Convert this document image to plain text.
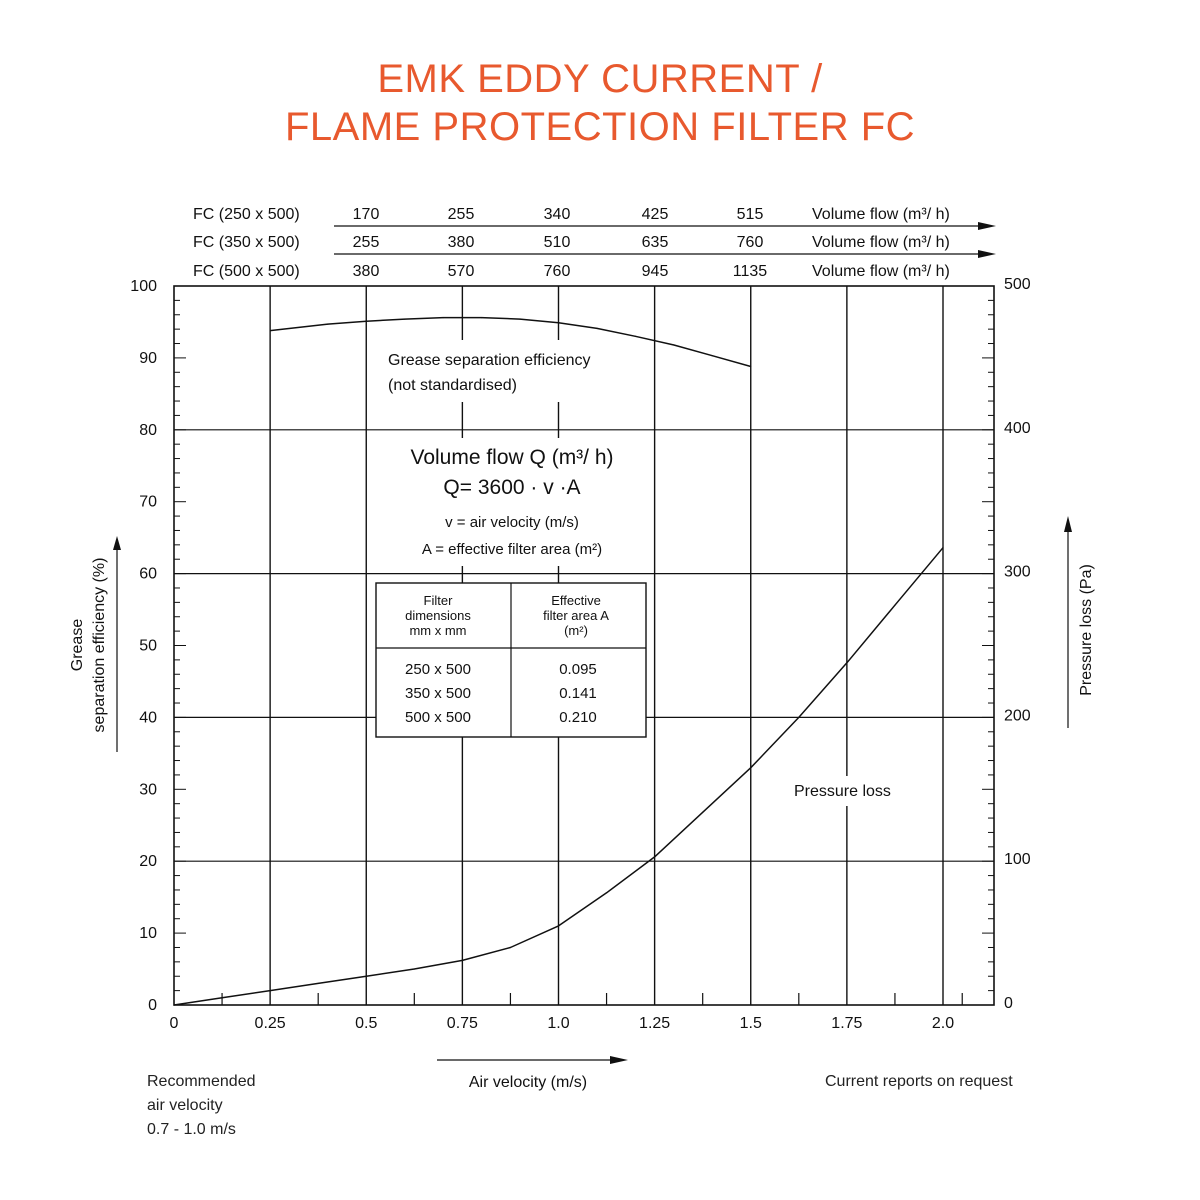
EMK EDDY CURRENT /
FLAME PROTECTION FILTER FC
0	0.25	0.5	0.75	1.0	1.25	1.5	1.75	2.0
0
10
20
30
40
50
60
70
80
90
100
0
100
200
300
400
500
FC (250 x 500)	170	255	340	425	515	Volume flow (m³/ h)
FC (350 x 500)	255	380	510	635	760	Volume flow (m³/ h)
FC (500 x 500)	380	570	760	945	1135	Volume flow (m³/ h)
Grease separation efficiency (%)	Pressure loss (Pa)
Air velocity (m/s)
Grease separation efficiency
(not standardised)
Volume flow Q (m³/ h)
Q= 3600 · v ·A
v = air velocity (m/s)
A = effective filter area (m²)
Pressure loss
Filter
dimensions
mm x mm
Effective
filter area A
(m²)
250 x 500	0.095
350 x 500	0.141
500 x 500	0.210
Recommended
air velocity
0.7 - 1.0 m/s
Current reports on request
